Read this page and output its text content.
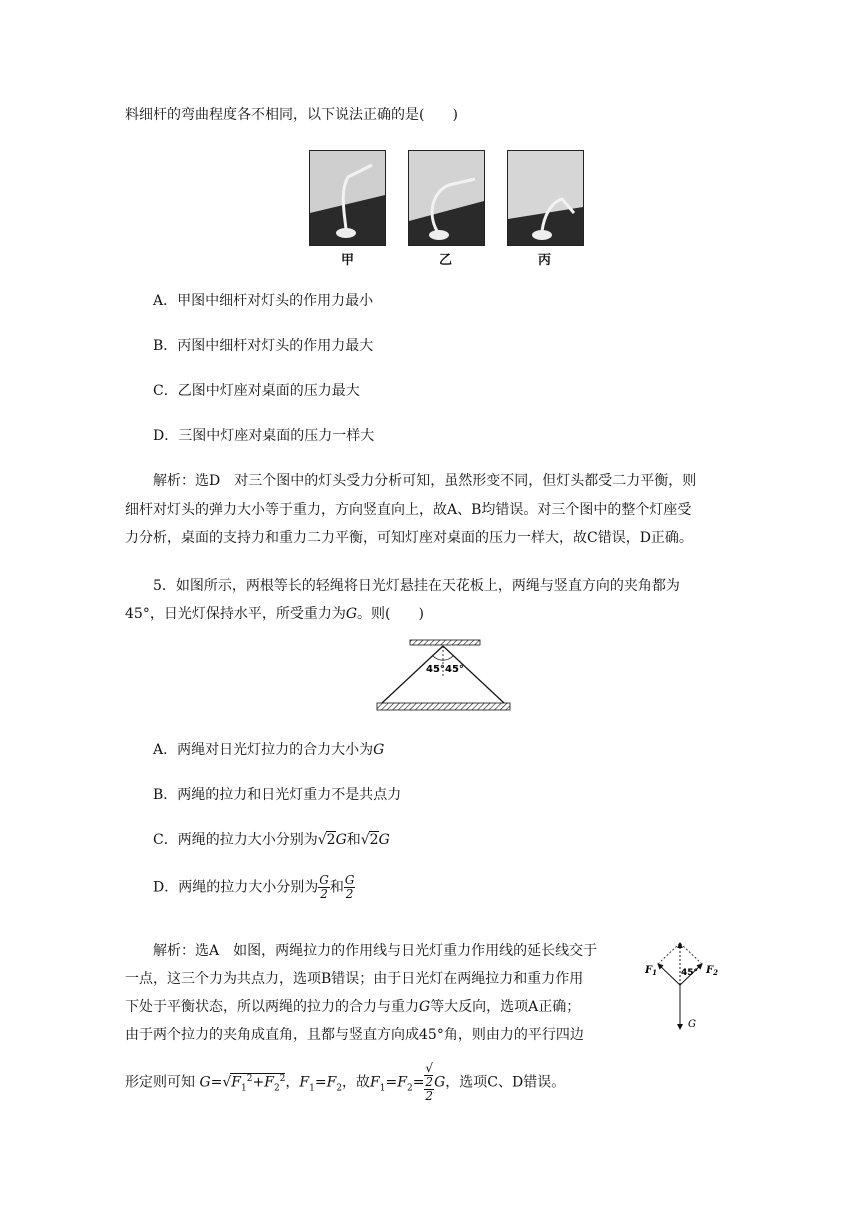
料细杆的弯曲程度各不相同，以下说法正确的是(　　)
甲	乙	丙
A．甲图中细杆对灯头的作用力最小
B．丙图中细杆对灯头的作用力最大
C．乙图中灯座对桌面的压力最大
D．三图中灯座对桌面的压力一样大
解析：选D　对三个图中的灯头受力分析可知，虽然形变不同，但灯头都受二力平衡，则
细杆对灯头的弹力大小等于重力，方向竖直向上，故A、B均错误。对三个图中的整个灯座受
力分析，桌面的支持力和重力二力平衡，可知灯座对桌面的压力一样大，故C错误，D正确。
5．如图所示，两根等长的轻绳将日光灯悬挂在天花板上，两绳与竖直方向的夹角都为
45°，日光灯保持水平，所受重力为G。则(　　)
45° 45°
A．两绳对日光灯拉力的合力大小为G
B．两绳的拉力和日光灯重力不是共点力
C．两绳的拉力大小分别为√2G和√2G
D．两绳的拉力大小分别为 $\frac{G}{2}$ 和 $\frac{G}{2}$
解析：选A　如图，两绳拉力的作用线与日光灯重力作用线的延长线交于
一点，这三个力为共点力，选项B错误；由于日光灯在两绳拉力和重力作用
下处于平衡状态，所以两绳的拉力的合力与重力G等大反向，选项A正确；
由于两个拉力的夹角成直角，且都与竖直方向成45°角，则由力的平行四边
形定则可知 $G=√F_1^2+F_2^2$，$F_1=F_2$，故$F_1=F_2=$ √
2
2 G，选项C、D错误。
$F_1$	$F_2$
45°
G
